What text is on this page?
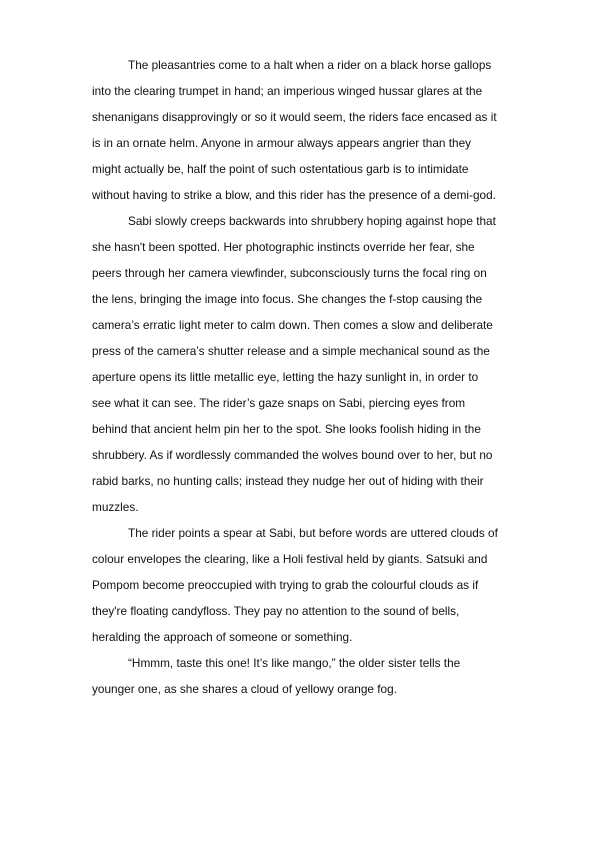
The pleasantries come to a halt when a rider on a black horse gallops
into the clearing trumpet in hand; an imperious winged hussar glares at the
shenanigans disapprovingly or so it would seem, the riders face encased as it
is in an ornate helm. Anyone in armour always appears angrier than they
might actually be, half the point of such ostentatious garb is to intimidate
without having to strike a blow, and this rider has the presence of a demi-god.
Sabi slowly creeps backwards into shrubbery hoping against hope that
she hasn't been spotted. Her photographic instincts override her fear, she
peers through her camera viewfinder, subconsciously turns the focal ring on
the lens, bringing the image into focus. She changes the f-stop causing the
camera’s erratic light meter to calm down. Then comes a slow and deliberate
press of the camera’s shutter release and a simple mechanical sound as the
aperture opens its little metallic eye, letting the hazy sunlight in, in order to
see what it can see. The rider’s gaze snaps on Sabi, piercing eyes from
behind that ancient helm pin her to the spot. She looks foolish hiding in the
shrubbery. As if wordlessly commanded the wolves bound over to her, but no
rabid barks, no hunting calls; instead they nudge her out of hiding with their
muzzles.
The rider points a spear at Sabi, but before words are uttered clouds of
colour envelopes the clearing, like a Holi festival held by giants. Satsuki and
Pompom become preoccupied with trying to grab the colourful clouds as if
they're floating candyfloss. They pay no attention to the sound of bells,
heralding the approach of someone or something.
“Hmmm, taste this one! It’s like mango,” the older sister tells the
younger one, as she shares a cloud of yellowy orange fog.
